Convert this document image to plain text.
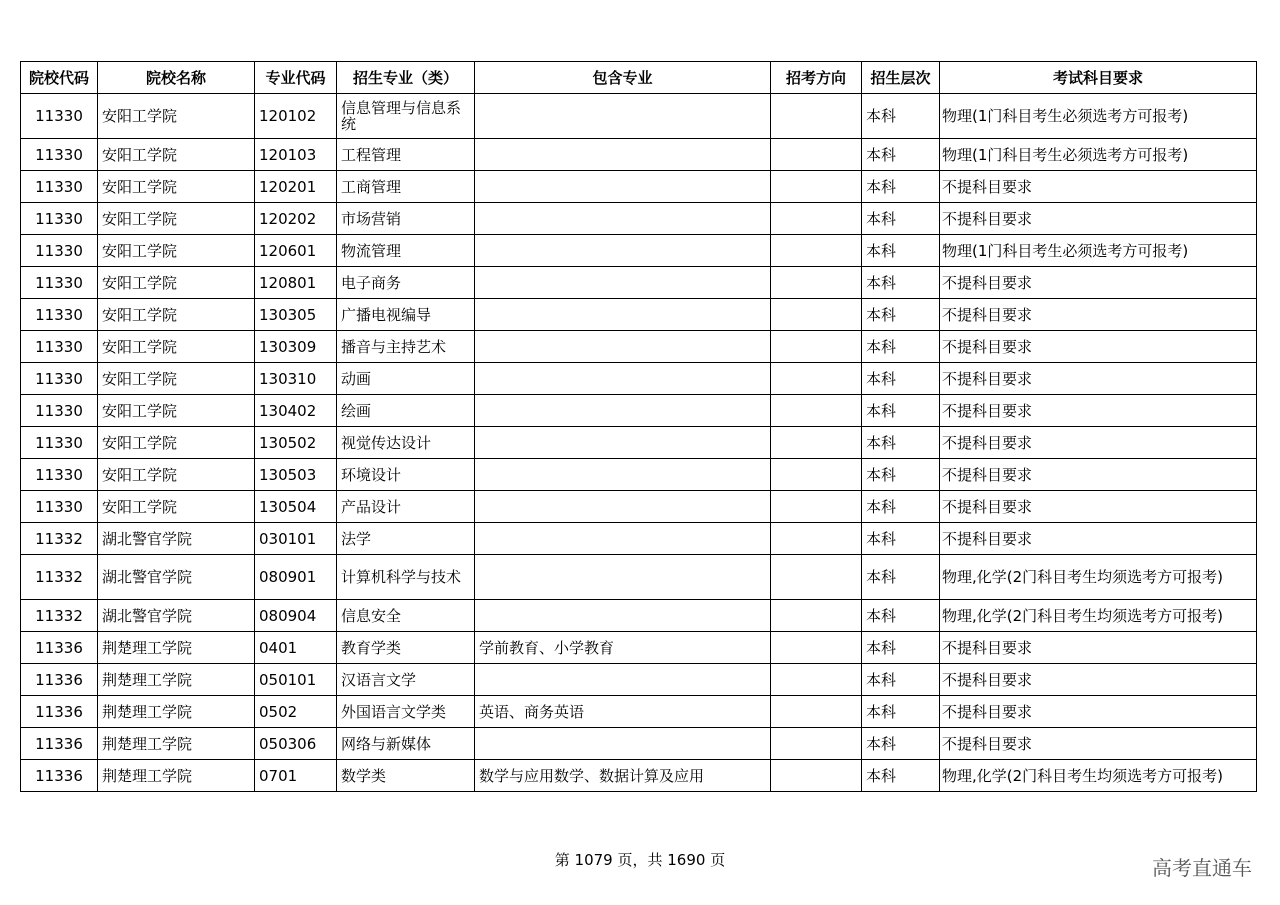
院校代码	院校名称	专业代码	招生专业（类）	包含专业	招考方向	招生层次	考试科目要求
11330	安阳工学院	120102	信息管理与信息系统			本科	物理(1门科目考生必须选考方可报考)
11330	安阳工学院	120103	工程管理			本科	物理(1门科目考生必须选考方可报考)
11330	安阳工学院	120201	工商管理			本科	不提科目要求
11330	安阳工学院	120202	市场营销			本科	不提科目要求
11330	安阳工学院	120601	物流管理			本科	物理(1门科目考生必须选考方可报考)
11330	安阳工学院	120801	电子商务			本科	不提科目要求
11330	安阳工学院	130305	广播电视编导			本科	不提科目要求
11330	安阳工学院	130309	播音与主持艺术			本科	不提科目要求
11330	安阳工学院	130310	动画			本科	不提科目要求
11330	安阳工学院	130402	绘画			本科	不提科目要求
11330	安阳工学院	130502	视觉传达设计			本科	不提科目要求
11330	安阳工学院	130503	环境设计			本科	不提科目要求
11330	安阳工学院	130504	产品设计			本科	不提科目要求
11332	湖北警官学院	030101	法学			本科	不提科目要求
11332	湖北警官学院	080901	计算机科学与技术			本科	物理,化学(2门科目考生均须选考方可报考)
11332	湖北警官学院	080904	信息安全			本科	物理,化学(2门科目考生均须选考方可报考)
11336	荆楚理工学院	0401	教育学类	学前教育、小学教育		本科	不提科目要求
11336	荆楚理工学院	050101	汉语言文学			本科	不提科目要求
11336	荆楚理工学院	0502	外国语言文学类	英语、商务英语		本科	不提科目要求
11336	荆楚理工学院	050306	网络与新媒体			本科	不提科目要求
11336	荆楚理工学院	0701	数学类	数学与应用数学、数据计算及应用		本科	物理,化学(2门科目考生均须选考方可报考)
第 1079 页，共 1690 页	高考直通车
